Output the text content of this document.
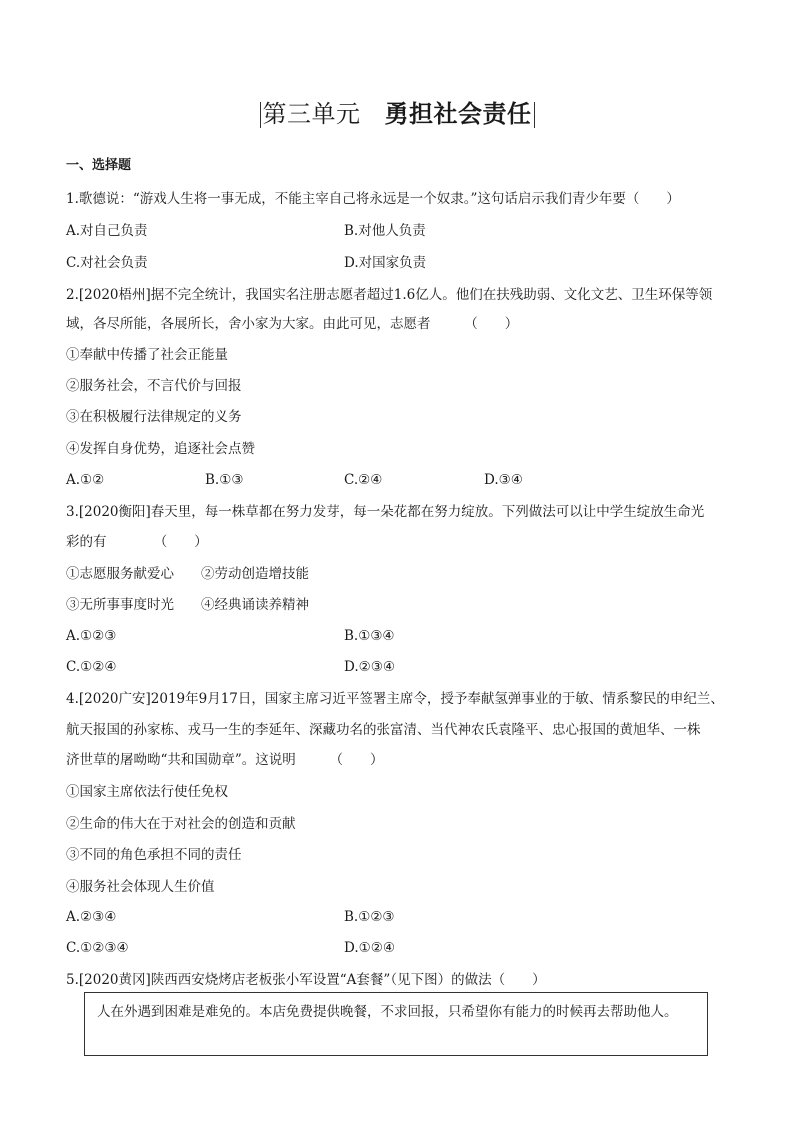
第三单元 勇担社会责任
一、选择题
1.歌德说：“游戏人生将一事无成，不能主宰自己将永远是一个奴隶。”这句话启示我们青少年要（　　）
A.对自己负责	B.对他人负责
C.对社会负责	D.对国家负责
2.[2020梧州]据不完全统计，我国实名注册志愿者超过1.6亿人。他们在扶残助弱、文化文艺、卫生环保等领
域，各尽所能，各展所长，舍小家为大家。由此可见，志愿者　　　（　　）
①奉献中传播了社会正能量
②服务社会，不言代价与回报
③在积极履行法律规定的义务
④发挥自身优势，追逐社会点赞
A.①②	B.①③	C.②④	D.③④
3.[2020衡阳]春天里，每一株草都在努力发芽，每一朵花都在努力绽放。下列做法可以让中学生绽放生命光
彩的有　　　　（　　）
①志愿服务献爱心　　②劳动创造增技能
③无所事事度时光　　④经典诵读养精神
A.①②③	B.①③④
C.①②④	D.②③④
4.[2020广安]2019年9月17日，国家主席习近平签署主席令，授予奉献氢弹事业的于敏、情系黎民的申纪兰、
航天报国的孙家栋、戎马一生的李延年、深藏功名的张富清、当代神农氏袁隆平、忠心报国的黄旭华、一株
济世草的屠呦呦“共和国勋章”。这说明　　　（　　）
①国家主席依法行使任免权
②生命的伟大在于对社会的创造和贡献
③不同的角色承担不同的责任
④服务社会体现人生价值
A.②③④	B.①②③
C.①②③④	D.①②④
5.[2020黄冈]陕西西安烧烤店老板张小军设置“A套餐”（见下图）的做法（　　）
人在外遇到困难是难免的。本店免费提供晚餐，不求回报，只希望你有能力的时候再去帮助他人。
